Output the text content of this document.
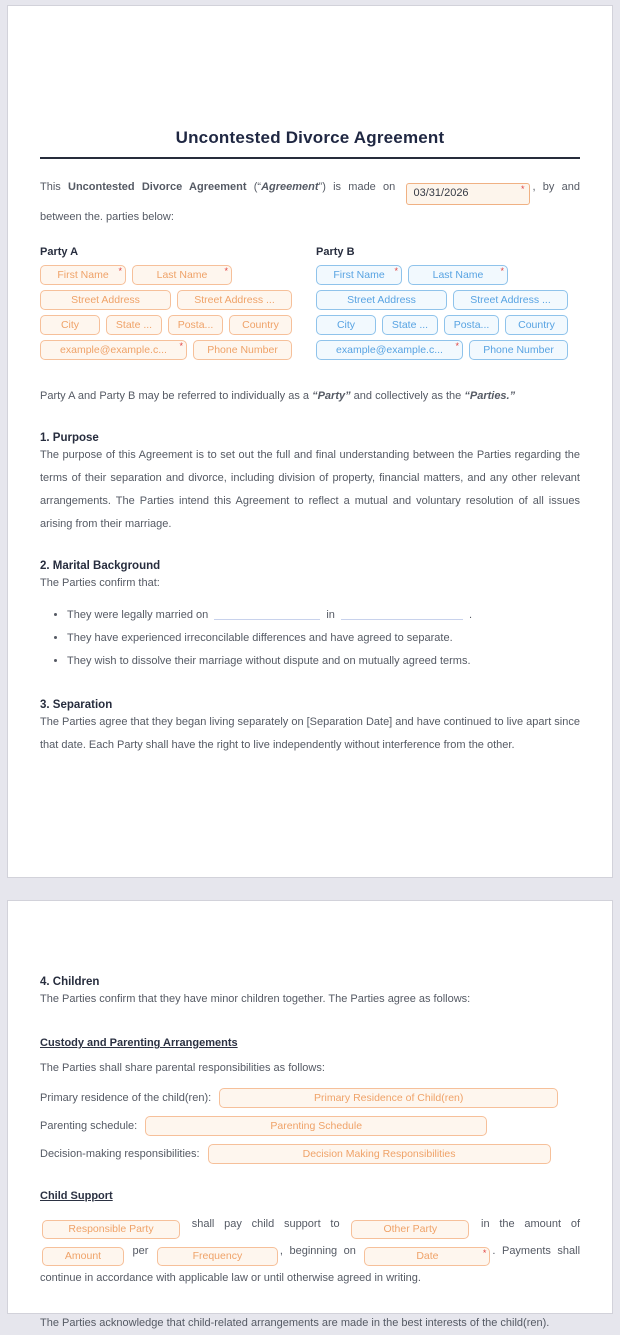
Uncontested Divorce Agreement

This Uncontested Divorce Agreement (“Agreement”) is made on 03/31/2026	* , by and between the. parties below:

Party A
First Name *	Last Name *
Street Address	Street Address ...
City	State ... Posta...	Country
example@example.c... * Phone Number
Party B
First Name *	Last Name *
Street Address	Street Address ...
City	State ... Posta...	Country
example@example.c... * Phone Number

Party A and Party B may be referred to individually as a “Party” and collectively as the “Parties.”

1. Purpose

The purpose of this Agreement is to set out the full and final understanding between the Parties regarding the terms of their separation and divorce, including division of property, financial matters, and any other relevant arrangements. The Parties intend this Agreement to reflect a mutual and voluntary resolution of all issues arising from their marriage.

2. Marital Background

The Parties confirm that:

• They were legally married on	in	.
• They have experienced irreconcilable differences and have agreed to separate.
• They wish to dissolve their marriage without dispute and on mutually agreed terms.
3. Separation

The Parties agree that they began living separately on [Separation Date] and have continued to live apart since that date. Each Party shall have the right to live independently without interference from the other.

4. Children

The Parties confirm that they have minor children together. The Parties agree as follows:

Custody and Parenting Arrangements

The Parties shall share parental responsibilities as follows:

Primary residence of the child(ren):	Primary Residence of Child(ren)
Parenting schedule:	Parenting Schedule
Decision-making responsibilities:	Decision Making Responsibilities
Child Support

Responsible Party	shall pay child support to	Other Party	in the amount of
Amount per	Frequency	, beginning on	Date	* . Payments shall continue in accordance with applicable law or until otherwise agreed in writing.

The Parties acknowledge that child-related arrangements are made in the best interests of the child(ren).
